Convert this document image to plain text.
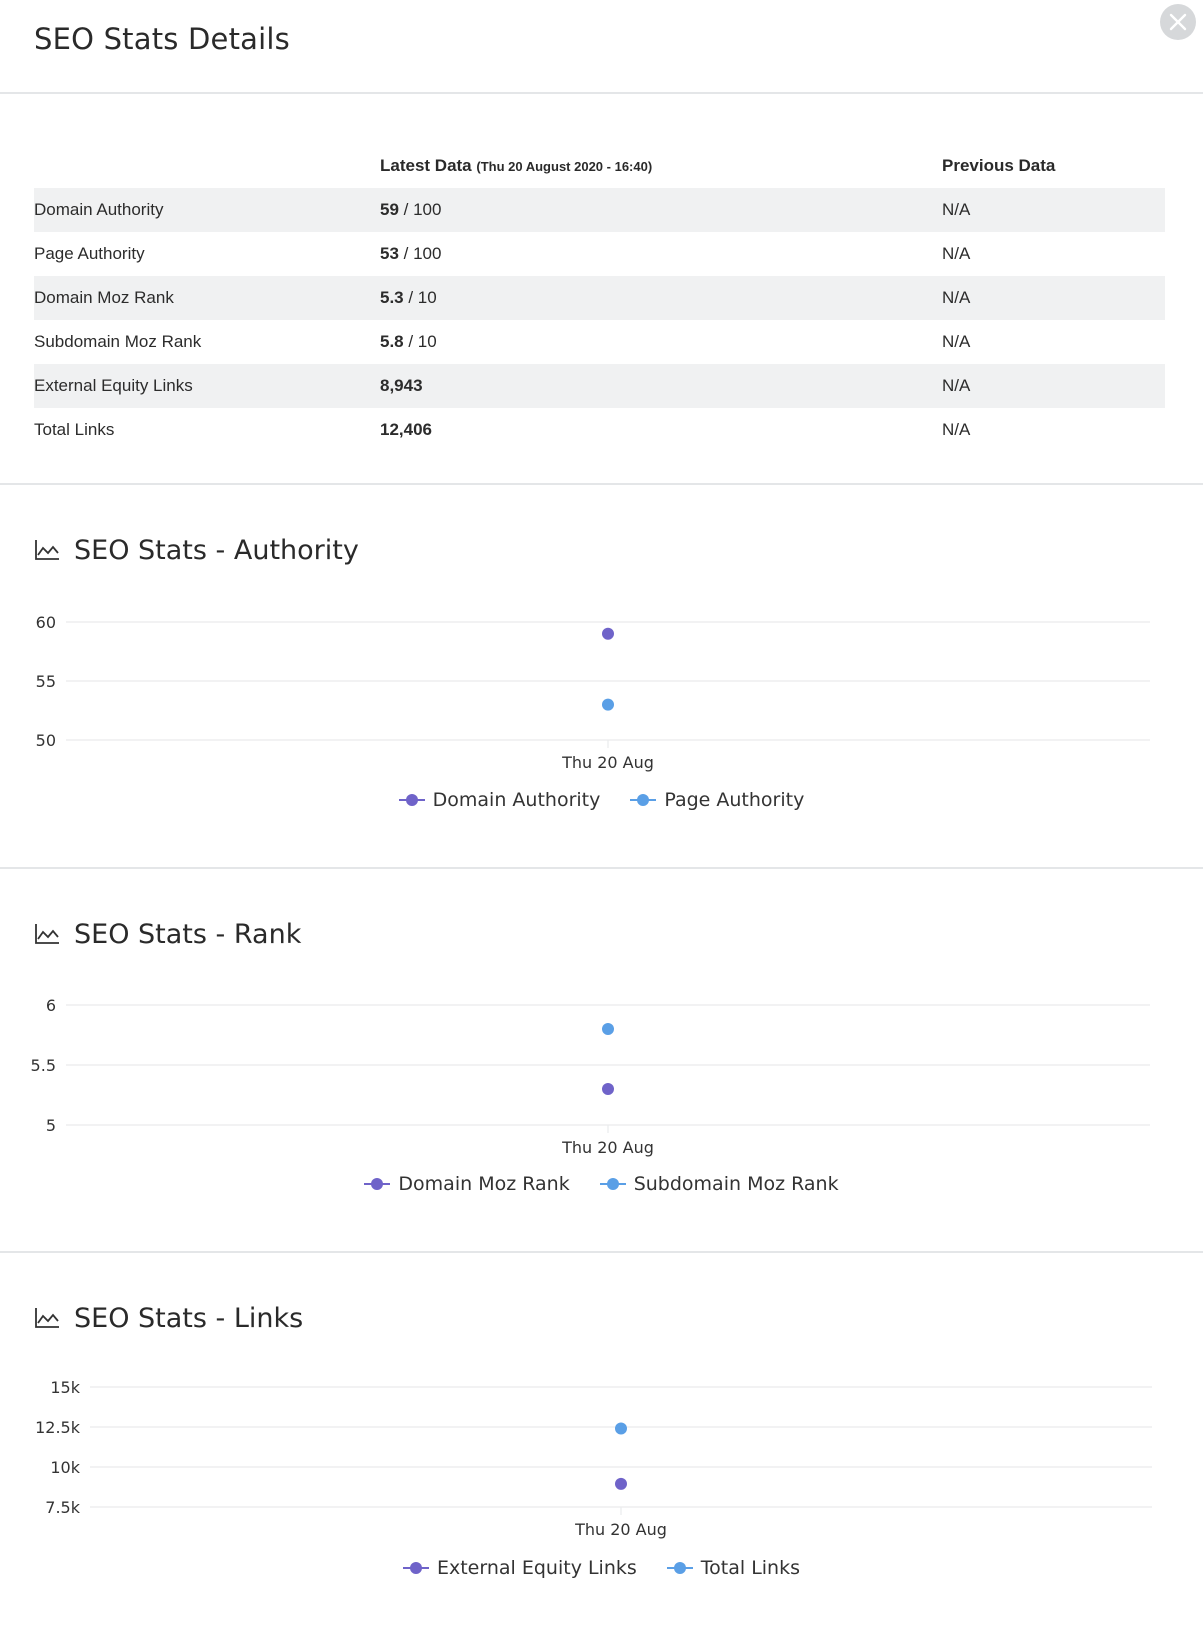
SEO Stats Details
	Latest Data (Thu 20 August 2020 - 16:40)	Previous Data
Domain Authority	59 / 100	N/A
Page Authority	53 / 100	N/A
Domain Moz Rank	5.3 / 10	N/A
Subdomain Moz Rank	5.8 / 10	N/A
External Equity Links	8,943	N/A
Total Links	12,406	N/A
SEO Stats - Authority
60
55
50
Thu 20 Aug
Domain Authority	Page Authority
SEO Stats - Rank
6
5.5
5
Thu 20 Aug
Domain Moz Rank	Subdomain Moz Rank
SEO Stats - Links
15k
12.5k
10k
7.5k
Thu 20 Aug
External Equity Links	Total Links
